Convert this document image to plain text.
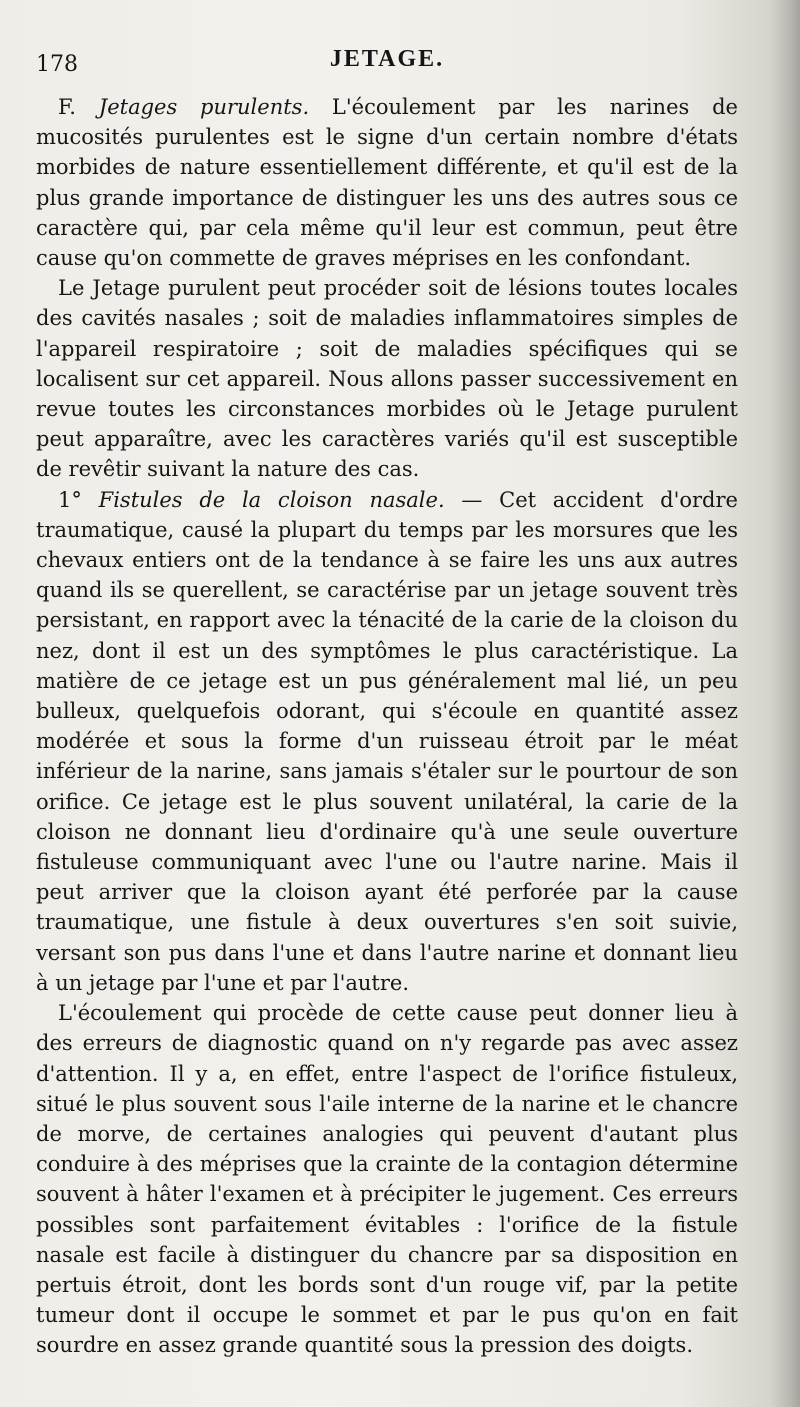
178	JETAGE.

F. Jetages purulents. L'écoulement par les narines de mucosités purulentes est le signe d'un certain nombre d'états morbides de nature essentiellement différente, et qu'il est de la plus grande importance de distinguer les uns des autres sous ce caractère qui, par cela même qu'il leur est commun, peut être cause qu'on commette de graves méprises en les confondant.

Le Jetage purulent peut procéder soit de lésions toutes locales des cavités nasales ; soit de maladies inflammatoires simples de l'appareil respiratoire ; soit de maladies spécifiques qui se localisent sur cet appareil. Nous allons passer successivement en revue toutes les circonstances morbides où le Jetage purulent peut apparaître, avec les caractères variés qu'il est susceptible de revêtir suivant la nature des cas.

1° Fistules de la cloison nasale. — Cet accident d'ordre traumatique, causé la plupart du temps par les morsures que les chevaux entiers ont de la tendance à se faire les uns aux autres quand ils se querellent, se caractérise par un jetage souvent très persistant, en rapport avec la ténacité de la carie de la cloison du nez, dont il est un des symptômes le plus caractéristique. La matière de ce jetage est un pus généralement mal lié, un peu bulleux, quelquefois odorant, qui s'écoule en quantité assez modérée et sous la forme d'un ruisseau étroit par le méat inférieur de la narine, sans jamais s'étaler sur le pourtour de son orifice. Ce jetage est le plus souvent unilatéral, la carie de la cloison ne donnant lieu d'ordinaire qu'à une seule ouverture fistuleuse communiquant avec l'une ou l'autre narine. Mais il peut arriver que la cloison ayant été perforée par la cause traumatique, une fistule à deux ouvertures s'en soit suivie, versant son pus dans l'une et dans l'autre narine et donnant lieu à un jetage par l'une et par l'autre.

L'écoulement qui procède de cette cause peut donner lieu à des erreurs de diagnostic quand on n'y regarde pas avec assez d'attention. Il y a, en effet, entre l'aspect de l'orifice fistuleux, situé le plus souvent sous l'aile interne de la narine et le chancre de morve, de certaines analogies qui peuvent d'autant plus conduire à des méprises que la crainte de la contagion détermine souvent à hâter l'examen et à précipiter le jugement. Ces erreurs possibles sont parfaitement évitables : l'orifice de la fistule nasale est facile à distinguer du chancre par sa disposition en pertuis étroit, dont les bords sont d'un rouge vif, par la petite tumeur dont il occupe le sommet et par le pus qu'on en fait sourdre en assez grande quantité sous la pression des doigts.
